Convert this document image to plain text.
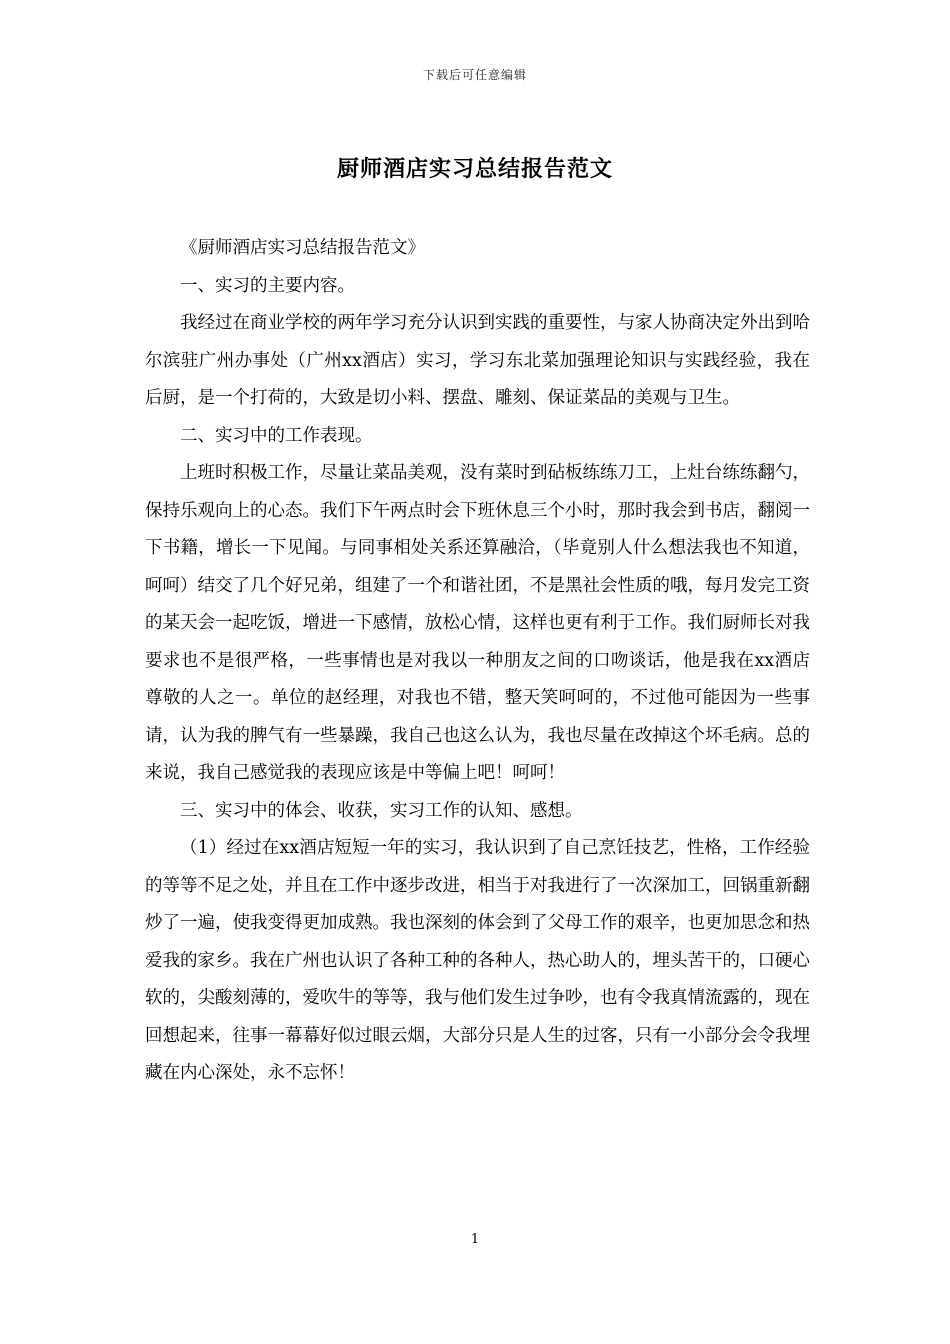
下载后可任意编辑
厨师酒店实习总结报告范文

《厨师酒店实习总结报告范文》

一、实习的主要内容。

我经过在商业学校的两年学习充分认识到实践的重要性，与家人协商决定外出到哈尔滨驻广州办事处（广州xx酒店）实习，学习东北菜加强理论知识与实践经验，我在后厨，是一个打荷的，大致是切小料、摆盘、雕刻、保证菜品的美观与卫生。

二、实习中的工作表现。

上班时积极工作，尽量让菜品美观，没有菜时到砧板练练刀工，上灶台练练翻勺，保持乐观向上的心态。我们下午两点时会下班休息三个小时，那时我会到书店，翻阅一下书籍，增长一下见闻。与同事相处关系还算融洽，（毕竟别人什么想法我也不知道，呵呵）结交了几个好兄弟，组建了一个和谐社团，不是黑社会性质的哦，每月发完工资的某天会一起吃饭，增进一下感情，放松心情，这样也更有利于工作。我们厨师长对我要求也不是很严格，一些事情也是对我以一种朋友之间的口吻谈话，他是我在xx酒店尊敬的人之一。单位的赵经理，对我也不错，整天笑呵呵的，不过他可能因为一些事请，认为我的脾气有一些暴躁，我自己也这么认为，我也尽量在改掉这个坏毛病。总的来说，我自己感觉我的表现应该是中等偏上吧！呵呵！

三、实习中的体会、收获，实习工作的认知、感想。

（1）经过在xx酒店短短一年的实习，我认识到了自己烹饪技艺，性格，工作经验的等等不足之处，并且在工作中逐步改进，相当于对我进行了一次深加工，回锅重新翻炒了一遍，使我变得更加成熟。我也深刻的体会到了父母工作的艰辛，也更加思念和热爱我的家乡。我在广州也认识了各种工种的各种人，热心助人的，埋头苦干的，口硬心软的，尖酸刻薄的，爱吹牛的等等，我与他们发生过争吵，也有令我真情流露的，现在回想起来，往事一幕幕好似过眼云烟，大部分只是人生的过客，只有一小部分会令我埋藏在内心深处，永不忘怀！

1
